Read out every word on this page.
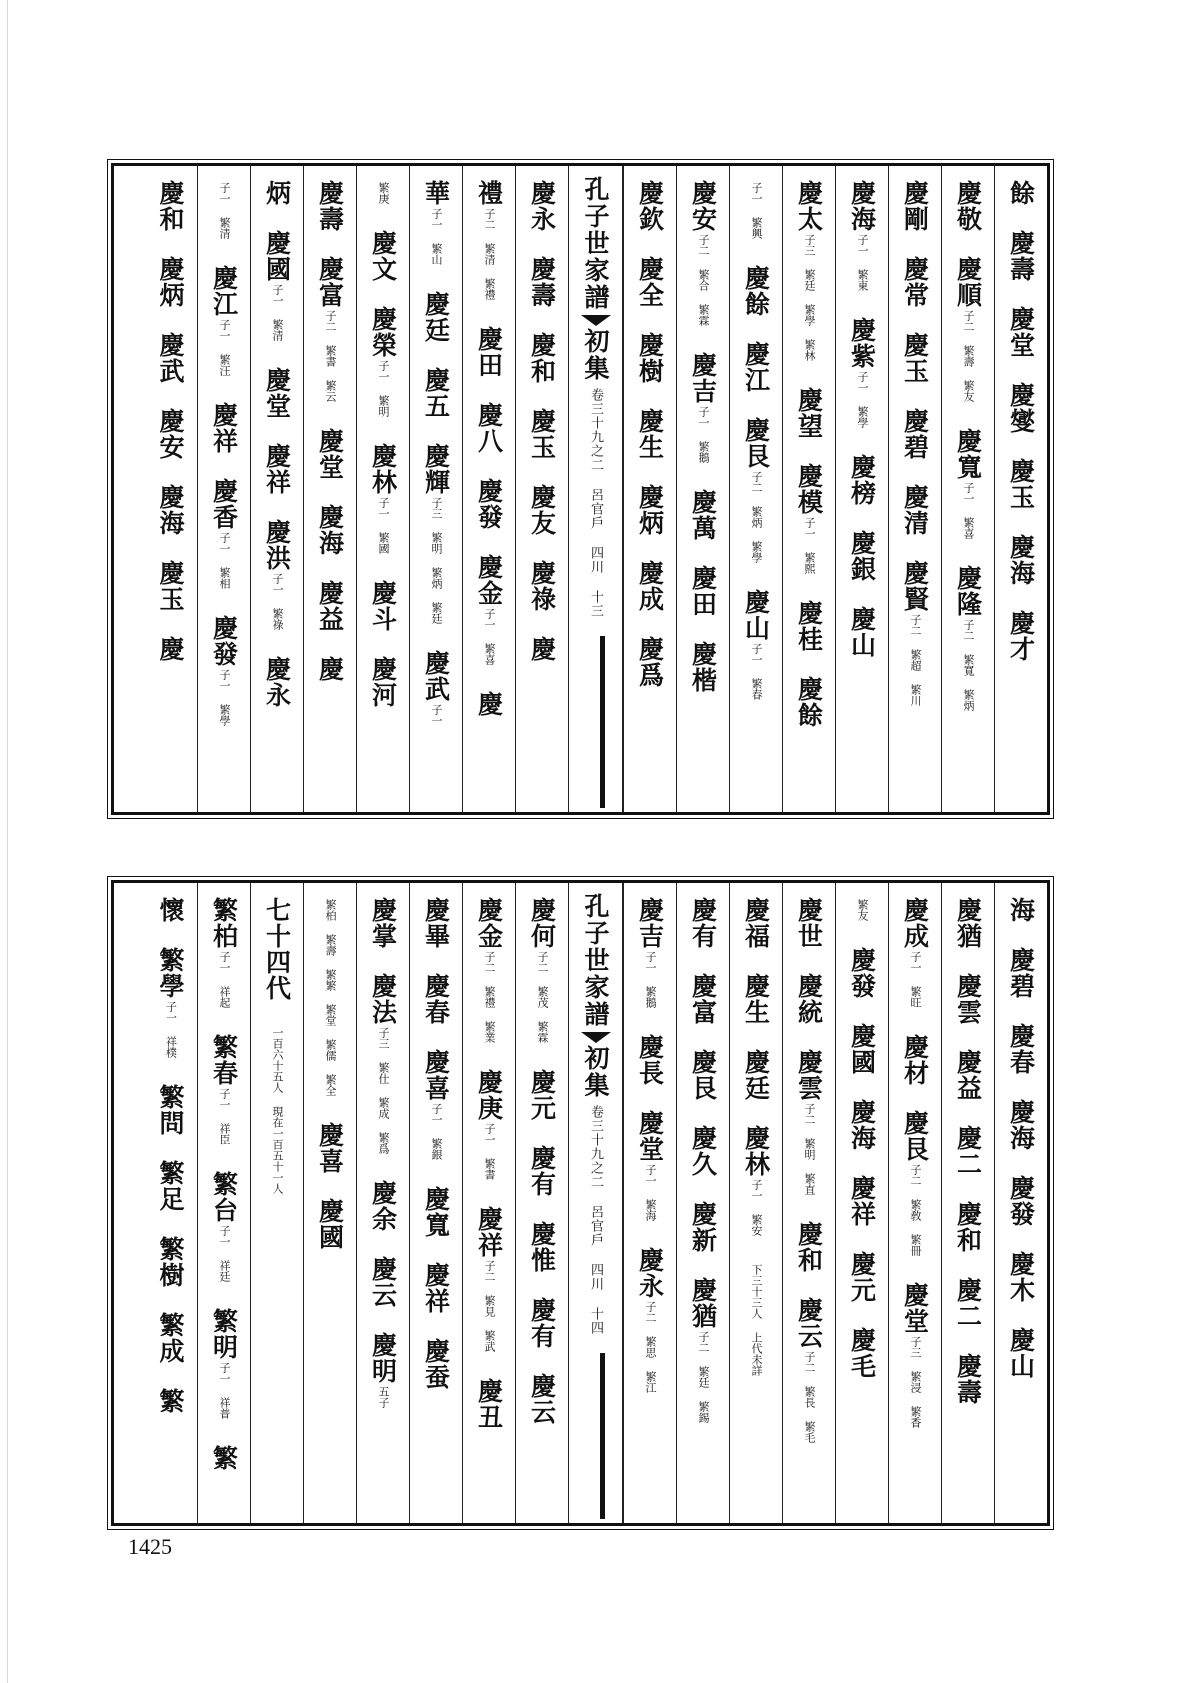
餘
慶壽
慶堂
慶燮
慶玉
慶海
慶才
慶敬
慶順
子二 繁壽 繁友
慶寬
子一 繁喜
慶隆
子二 繁寬 繁炳
慶剛
慶常
慶玉
慶碧
慶清
慶賢
子二 繁超 繁川
慶海
子一 繁東
慶紫
子一 繁學
慶榜
慶銀
慶山
慶太
子三 繁廷 繁學 繁林
慶望
慶模
子一 繁熙
慶桂
慶餘
子一 繁興
慶餘
慶江
慶艮
子二 繁炳 繁學
慶山
子一 繁春
慶安
子二 繁合 繁霖
慶吉
子一 繁鵝
慶萬
慶田
慶楷
慶欽
慶全
慶樹
慶生
慶炳
慶成
慶爲
孔子世家譜
初集
卷三十九之二 呂官戶 四川 十三
慶永
慶壽
慶和
慶玉
慶友
慶祿
慶
禮
子二 繁清 繁禮
慶田
慶八
慶發
慶金
子一 繁喜
慶
華
子一 繁山
慶廷
慶五
慶輝
子三 繁明 繁炳 繁廷
慶武
子一
繁庚
慶文
慶榮
子一 繁明
慶林
子一 繁國
慶斗
慶河
慶壽
慶富
子二 繁書 繁云
慶堂
慶海
慶益
慶
炳
慶國
子一 繁清
慶堂
慶祥
慶洪
子一 繁祿
慶永
子一 繁清
慶江
子一 繁汪
慶祥
慶香
子一 繁相
慶發
子一 繁學
慶和
慶炳
慶武
慶安
慶海
慶玉
慶
海
慶碧
慶春
慶海
慶發
慶木
慶山
慶猶
慶雲
慶益
慶二
慶和
慶二
慶壽
慶成
子一 繁旺
慶材
慶艮
子二 繁敎 繁冊
慶堂
子三 繁浸 繁香
繁友
慶發
慶國
慶海
慶祥
慶元
慶毛
慶世
慶統
慶雲
子二 繁明 繁直
慶和
慶云
子二 繁長 繁毛
慶福
慶生
慶廷
慶林
子一 繁安
下三十三人 上代未詳
慶有
慶富
慶艮
慶久
慶新
慶猶
子二 繁廷 繁錫
慶吉
子一 繁鵝
慶長
慶堂
子一 繁海
慶永
子二 繁思 繁江
孔子世家譜
初集
卷三十九之二 呂官戶 四川 十四
慶何
子二 繁茂 繁霖
慶元
慶有
慶惟
慶有
慶云
慶金
子二 繁禮 繁業
慶庚
子一 繁書
慶祥
子二 繁見 繁武
慶丑
慶畢
慶春
慶喜
子一 繁銀
慶寬
慶祥
慶蚕
慶掌
慶法
子三 繁仕 繁成 繁爲
慶余
慶云
慶明
五子
繁柏 繁壽 繁繁 繁堂 繁儒 繁全
慶喜
慶國
七十四代
一百六十五人 現在一百五十一人
繁柏
子一 祥起
繁春
子一 祥臣
繁台
子一 祥廷
繁明
子一 祥普
繁
懷
繁學
子一 祥樸
繁問
繁足
繁樹
繁成
繁
1425
